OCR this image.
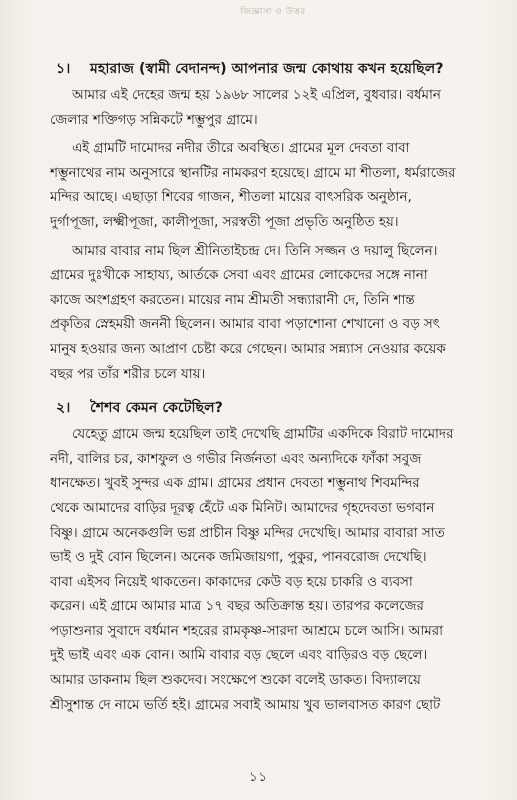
জিজ্ঞাসা ও উত্তর
১। মহারাজ (স্বামী বেদানন্দ) আপনার জন্ম কোথায় কখন হয়েছিল?
আমার এই দেহের জন্ম হয় ১৯৬৮ সালের ১২ই এপ্রিল, বুধবার। বর্ধমান
জেলার শক্তিগড় সন্নিকটে শম্ভুপুর গ্রামে।
এই গ্রামটি দামোদর নদীর তীরে অবস্থিত। গ্রামের মূল দেবতা বাবা
শম্ভুনাথের নাম অনুসারে স্থানটির নামকরণ হয়েছে। গ্রামে মা শীতলা, ধর্মরাজের
মন্দির আছে। এছাড়া শিবের গাজন, শীতলা মায়ের বাৎসরিক অনুষ্ঠান,
দুর্গাপূজা, লক্ষ্মীপূজা, কালীপূজা, সরস্বতী পূজা প্রভৃতি অনুষ্ঠিত হয়।
আমার বাবার নাম ছিল শ্রীনিতাইচন্দ্র দে। তিনি সজ্জন ও দয়ালু ছিলেন।
গ্রামের দুঃখীকে সাহায্য, আর্তকে সেবা এবং গ্রামের লোকেদের সঙ্গে নানা
কাজে অংশগ্রহণ করতেন। মায়ের নাম শ্রীমতী সন্ধ্যারানী দে, তিনি শান্ত
প্রকৃতির স্নেহময়ী জননী ছিলেন। আমার বাবা পড়াশোনা শেখানো ও বড় সৎ
মানুষ হওয়ার জন্য আপ্রাণ চেষ্টা করে গেছেন। আমার সন্ন্যাস নেওয়ার কয়েক
বছর পর তাঁর শরীর চলে যায়।
২। শৈশব কেমন কেটেছিল?
যেহেতু গ্রামে জন্ম হয়েছিল তাই দেখেছি গ্রামটির একদিকে বিরাট দামোদর
নদী, বালির চর, কাশফুল ও গভীর নির্জনতা এবং অন্যদিকে ফাঁকা সবুজ
ধানক্ষেত। খুবই সুন্দর এক গ্রাম। গ্রামের প্রধান দেবতা শম্ভুনাথ শিবমন্দির
থেকে আমাদের বাড়ির দূরত্ব হেঁটে এক মিনিট। আমাদের গৃহদেবতা ভগবান
বিষ্ণু। গ্রামে অনেকগুলি ভগ্ন প্রাচীন বিষ্ণু মন্দির দেখেছি। আমার বাবারা সাত
ভাই ও দুই বোন ছিলেন। অনেক জমিজায়গা, পুকুর, পানবরোজ দেখেছি।
বাবা এইসব নিয়েই থাকতেন। কাকাদের কেউ বড় হয়ে চাকরি ও ব্যবসা
করেন। এই গ্রামে আমার মাত্র ১৭ বছর অতিক্রান্ত হয়। তারপর কলেজের
পড়াশুনার সুবাদে বর্ধমান শহরের রামকৃষ্ণ-সারদা আশ্রমে চলে আসি। আমরা
দুই ভাই এবং এক বোন। আমি বাবার বড় ছেলে এবং বাড়িরও বড় ছেলে।
আমার ডাকনাম ছিল শুকদেব। সংক্ষেপে শুকো বলেই ডাকত। বিদ্যালয়ে
শ্রীসুশান্ত দে নামে ভর্তি হই। গ্রামের সবাই আমায় খুব ভালবাসত কারণ ছোট
১১
